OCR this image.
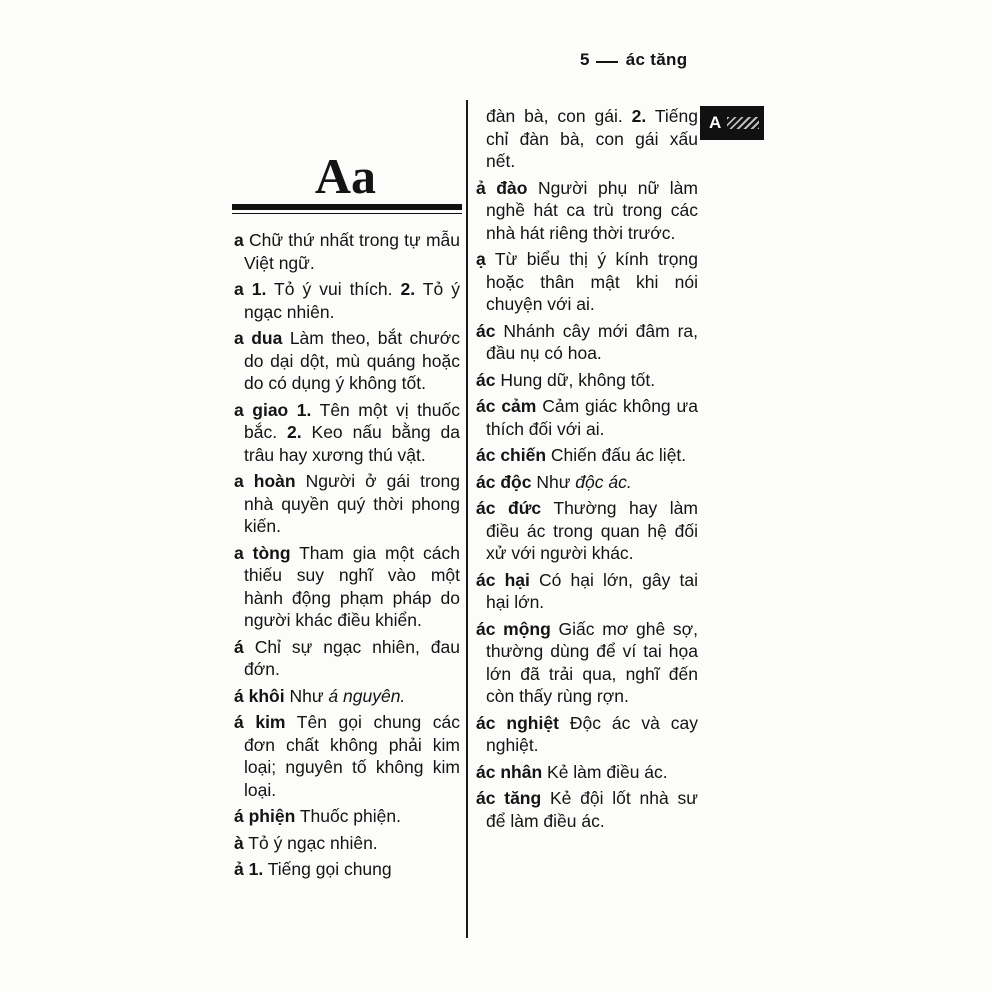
5 ác tăng
A
Aa
a Chữ thứ nhất trong tự mẫu Việt ngữ.
a 1. Tỏ ý vui thích. 2. Tỏ ý ngạc nhiên.
a dua Làm theo, bắt chước do dại dột, mù quáng hoặc do có dụng ý không tốt.
a giao 1. Tên một vị thuốc bắc. 2. Keo nấu bằng da trâu hay xương thú vật.
a hoàn Người ở gái trong nhà quyền quý thời phong kiến.
a tòng Tham gia một cách thiếu suy nghĩ vào một hành động phạm pháp do người khác điều khiển.
á Chỉ sự ngạc nhiên, đau đớn.
á khôi Như á nguyên.
á kim Tên gọi chung các đơn chất không phải kim loại; nguyên tố không kim loại.
á phiện Thuốc phiện.
à Tỏ ý ngạc nhiên.
ả 1. Tiếng gọi chung
đàn bà, con gái. 2. Tiếng chỉ đàn bà, con gái xấu nết.
ả đào Người phụ nữ làm nghề hát ca trù trong các nhà hát riêng thời trước.
ạ Từ biểu thị ý kính trọng hoặc thân mật khi nói chuyện với ai.
ác Nhánh cây mới đâm ra, đầu nụ có hoa.
ác Hung dữ, không tốt.
ác cảm Cảm giác không ưa thích đối với ai.
ác chiến Chiến đấu ác liệt.
ác độc Như độc ác.
ác đức Thường hay làm điều ác trong quan hệ đối xử với người khác.
ác hại Có hại lớn, gây tai hại lớn.
ác mộng Giấc mơ ghê sợ, thường dùng để ví tai họa lớn đã trải qua, nghĩ đến còn thấy rùng rợn.
ác nghiệt Độc ác và cay nghiệt.
ác nhân Kẻ làm điều ác.
ác tăng Kẻ đội lốt nhà sư để làm điều ác.
